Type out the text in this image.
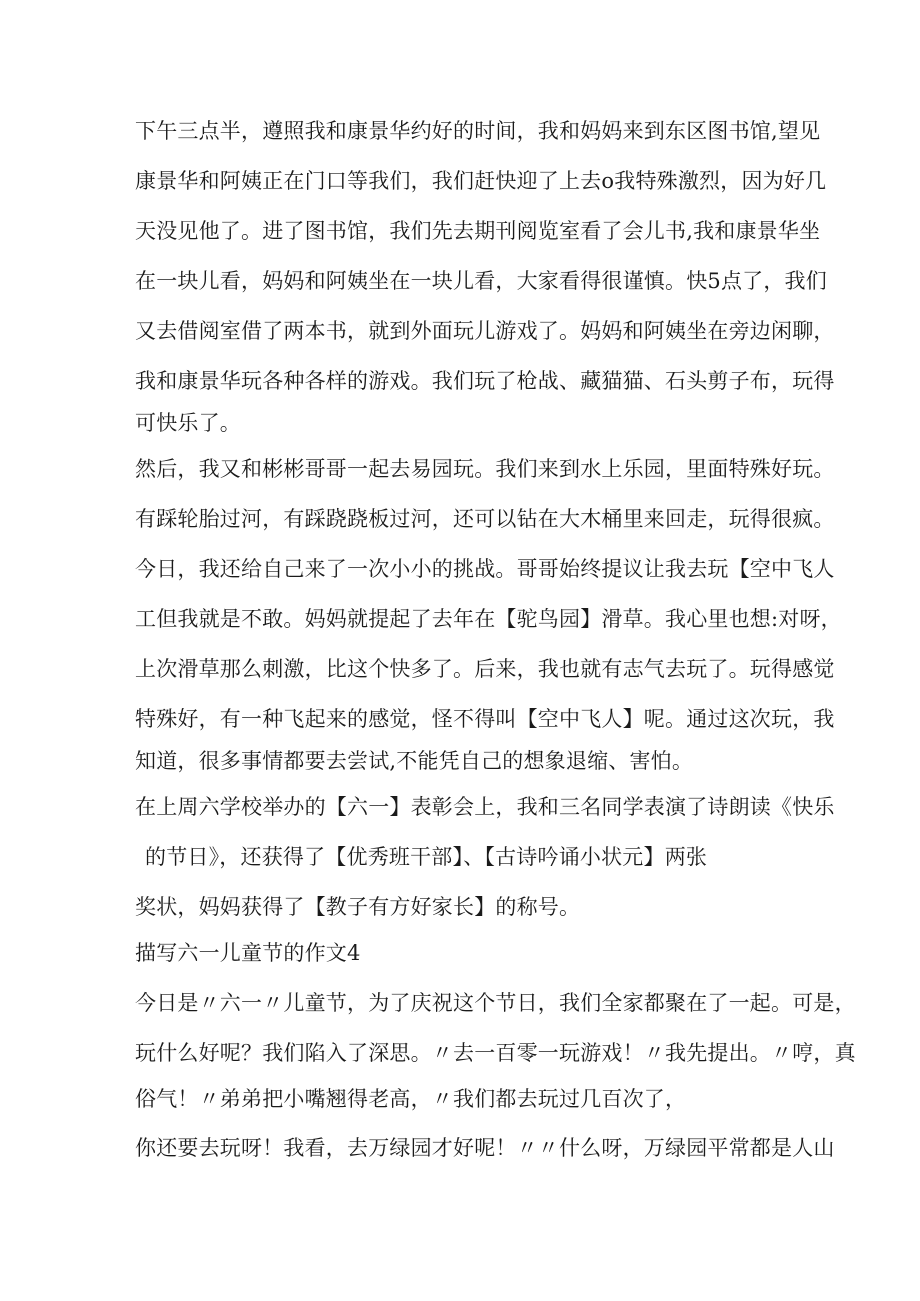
下午三点半，遵照我和康景华约好的时间，我和妈妈来到东区图书馆,望见
康景华和阿姨正在门口等我们，我们赶快迎了上去o我特殊激烈，因为好几
天没见他了。进了图书馆，我们先去期刊阅览室看了会儿书,我和康景华坐
在一块儿看，妈妈和阿姨坐在一块儿看，大家看得很谨慎。快5点了，我们
又去借阅室借了两本书，就到外面玩儿游戏了。妈妈和阿姨坐在旁边闲聊，
我和康景华玩各种各样的游戏。我们玩了枪战、藏猫猫、石头剪子布，玩得
可快乐了。
然后，我又和彬彬哥哥一起去易园玩。我们来到水上乐园，里面特殊好玩。
有踩轮胎过河，有踩跷跷板过河，还可以钻在大木桶里来回走，玩得很疯。
今日，我还给自己来了一次小小的挑战。哥哥始终提议让我去玩【空中飞人
工但我就是不敢。妈妈就提起了去年在【驼鸟园】滑草。我心里也想:对呀，
上次滑草那么刺激，比这个快多了。后来，我也就有志气去玩了。玩得感觉
特殊好，有一种飞起来的感觉，怪不得叫【空中飞人】呢。通过这次玩，我
知道，很多事情都要去尝试,不能凭自己的想象退缩、害怕。
在上周六学校举办的【六一】表彰会上，我和三名同学表演了诗朗读《快乐
的节日》，还获得了【优秀班干部】、【古诗吟诵小状元】两张
奖状，妈妈获得了【教子有方好家长】的称号。
描写六一儿童节的作文4
今日是〃六一〃儿童节，为了庆祝这个节日，我们全家都聚在了一起。可是，
玩什么好呢？我们陷入了深思。〃去一百零一玩游戏！〃我先提出。〃哼，真
俗气！〃弟弟把小嘴翘得老高，〃我们都去玩过几百次了，
你还要去玩呀！我看，去万绿园才好呢！〃〃什么呀，万绿园平常都是人山
